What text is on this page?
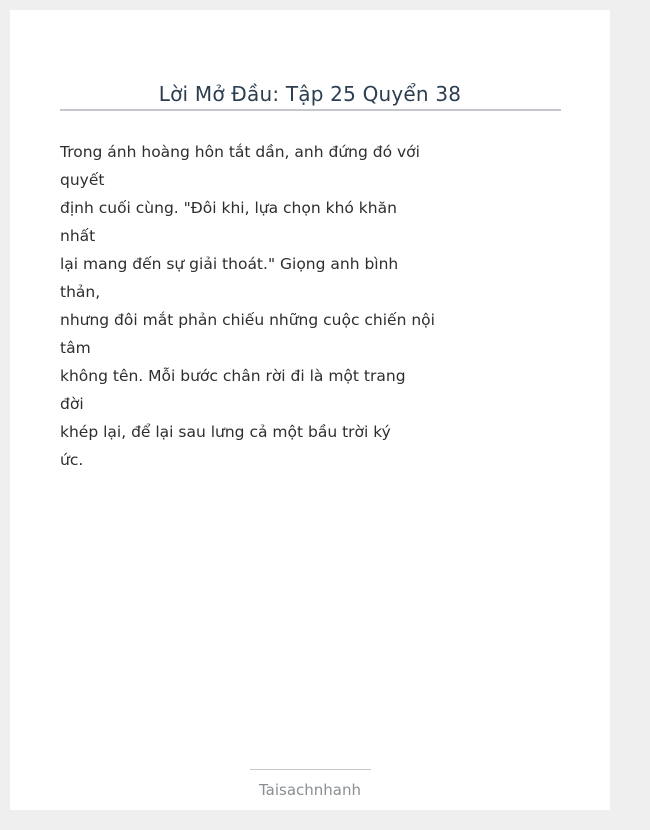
Lời Mở Đầu: Tập 25 Quyển 38

Trong ánh hoàng hôn tắt dần, anh đứng đó với
quyết
định cuối cùng. "Đôi khi, lựa chọn khó khăn
nhất
lại mang đến sự giải thoát." Giọng anh bình
thản,
nhưng đôi mắt phản chiếu những cuộc chiến nội
tâm
không tên. Mỗi bước chân rời đi là một trang
đời
khép lại, để lại sau lưng cả một bầu trời ký
ức.

Taisachnhanh
